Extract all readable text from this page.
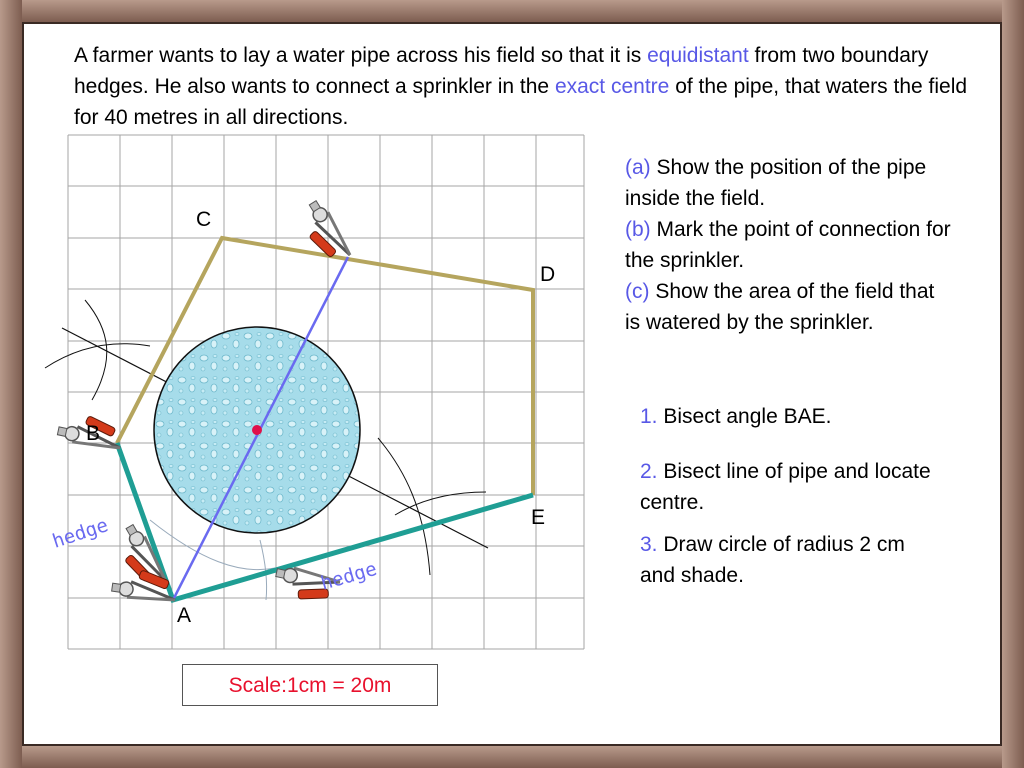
A farmer wants to lay a water pipe across his field so that it is equidistant from two boundary hedges. He also wants to connect a sprinkler in the exact centre of the pipe, that waters the field for 40 metres in all directions.
C
D
B
E
A
hedge
hedge

(a) Show the position of the pipe inside the field.

(b) Mark the point of connection for the sprinkler.

(c) Show the area of the field that is watered by the sprinkler.

1. Bisect angle BAE.
2. Bisect line of pipe and locate centre.
3. Draw circle of radius 2 cm and shade.
Scale:1cm = 20m
